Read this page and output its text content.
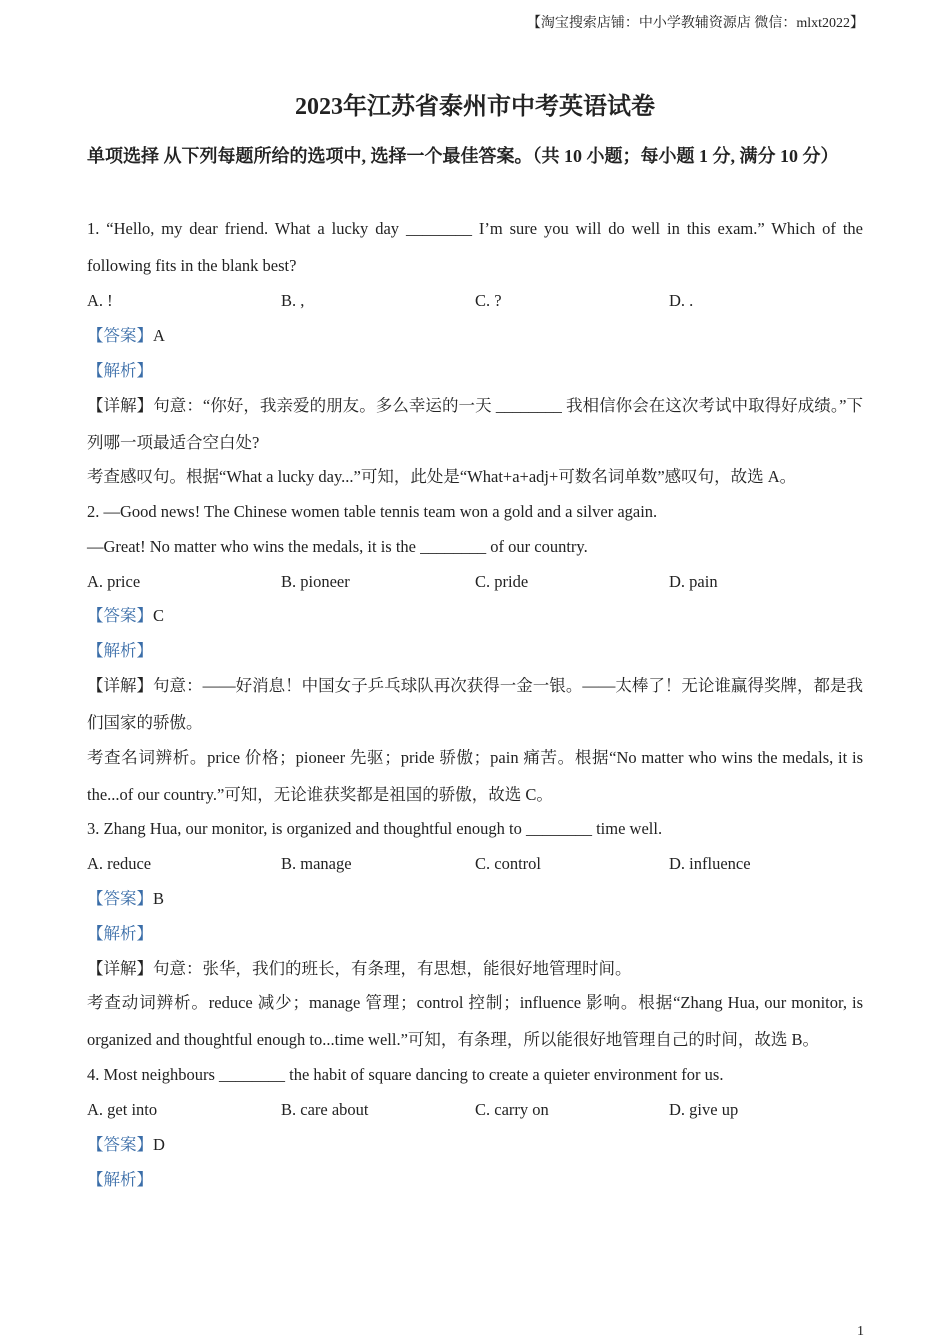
【淘宝搜索店铺：中小学教辅资源店 微信：mlxt2022】
2023年江苏省泰州市中考英语试卷
单项选择 从下列每题所给的选项中, 选择一个最佳答案。（共 10 小题；每小题 1 分, 满分 10 分）
1. “Hello, my dear friend. What a lucky day ________ I’m sure you will do well in this exam.” Which of the following fits in the blank best?
A. !	B. ,	C. ?	D. .
【答案】A
【解析】
【详解】句意：“你好，我亲爱的朋友。多么幸运的一天 ________ 我相信你会在这次考试中取得好成绩。”下列哪一项最适合空白处?
考查感叹句。根据“What a lucky day...”可知，此处是“What+a+adj+可数名词单数”感叹句，故选 A。
2. —Good news! The Chinese women table tennis team won a gold and a silver again.
—Great! No matter who wins the medals, it is the ________ of our country.
A. price	B. pioneer	C. pride	D. pain
【答案】C
【解析】
【详解】句意：——好消息！中国女子乒乓球队再次获得一金一银。——太棒了！无论谁赢得奖牌，都是我们国家的骄傲。
考查名词辨析。price 价格；pioneer 先驱；pride 骄傲；pain 痛苦。根据“No matter who wins the medals, it is the...of our country.”可知，无论谁获奖都是祖国的骄傲，故选 C。
3. Zhang Hua, our monitor, is organized and thoughtful enough to ________ time well.
A. reduce	B. manage	C. control	D. influence
【答案】B
【解析】
【详解】句意：张华，我们的班长，有条理，有思想，能很好地管理时间。
考查动词辨析。reduce 减少；manage 管理；control 控制；influence 影响。根据“Zhang Hua, our monitor, is organized and thoughtful enough to...time well.”可知，有条理，所以能很好地管理自己的时间，故选 B。
4. Most neighbours ________ the habit of square dancing to create a quieter environment for us.
A. get into	B. care about	C. carry on	D. give up
【答案】D
【解析】
1
